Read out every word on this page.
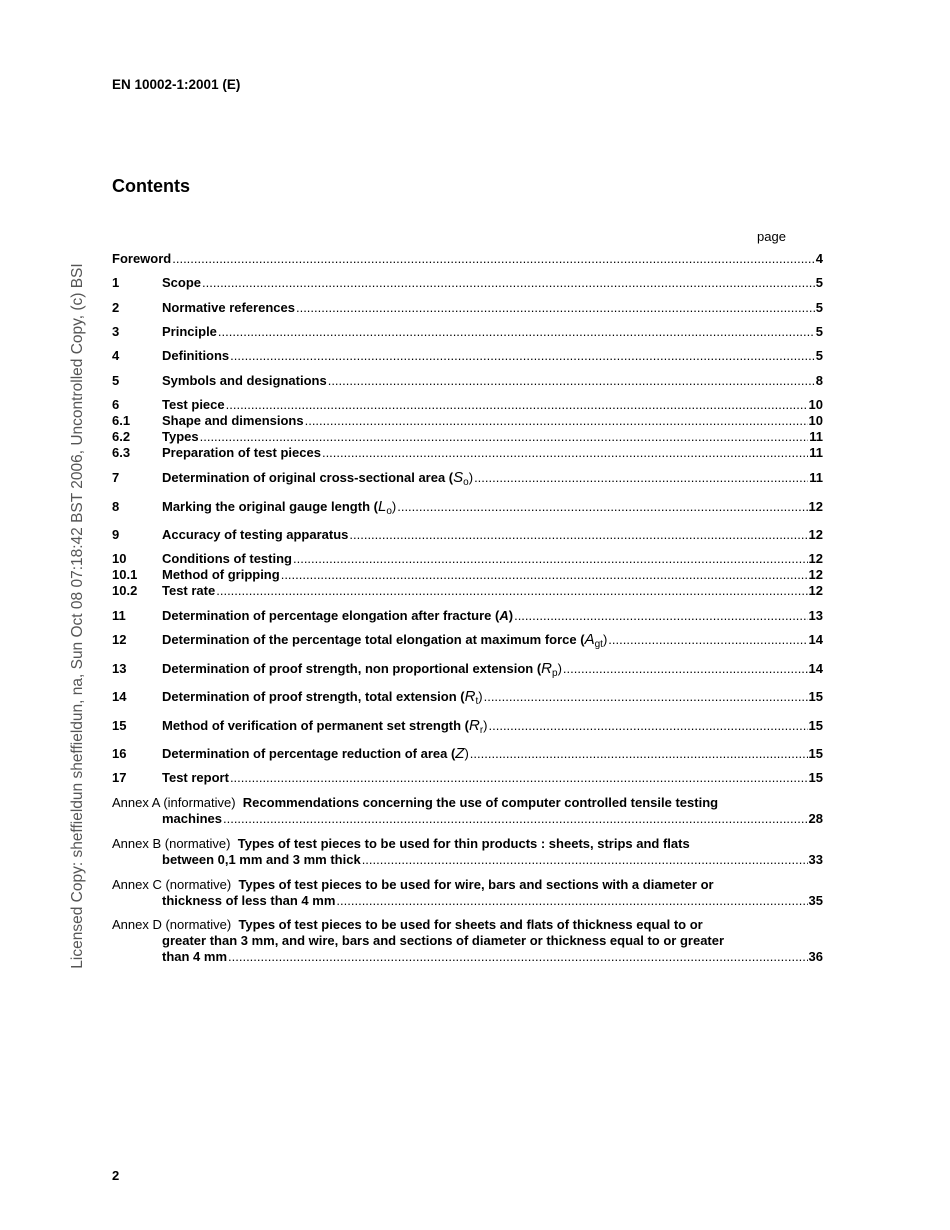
EN 10002-1:2001 (E)
Contents
page
Licensed Copy: sheffieldun sheffieldun, na, Sun Oct 08 07:18:42 BST 2006, Uncontrolled Copy, (c) BSI
Foreword .....	4
1	Scope .....	5
2	Normative references .....	5
3	Principle .....	5
4	Definitions .....	5
5	Symbols and designations .....	8
6	Test piece .....	10
6.1 Shape and dimensions .....	10
6.2 Types .....	11
6.3 Preparation of test pieces .....	11
7	Determination of original cross-sectional area $(S_o)$ .....	11
8	Marking the original gauge length $(L_o)$ .....	12
9	Accuracy of testing apparatus .....	12
10	Conditions of testing .....	12
10.1 Method of gripping .....	12
10.2 Test rate .....	12
11	Determination of percentage elongation after fracture (A) .....	13
12	Determination of the percentage total elongation at maximum force $(A_{gt})$ .....	14
13	Determination of proof strength, non proportional extension $(R_p)$ .....	14
14	Determination of proof strength, total extension $(R_t)$ .....	15
15	Method of verification of permanent set strength $(R_r)$ .....	15
16	Determination of percentage reduction of area (Z) .....	15
17	Test report .....	15
Annex A (informative) Recommendations concerning the use of computer controlled tensile testing
machines .....	28
Annex B (normative) Types of test pieces to be used for thin products : sheets, strips and flats
between 0,1 mm and 3 mm thick .....	33
Annex C (normative) Types of test pieces to be used for wire, bars and sections with a diameter or
thickness of less than 4 mm .....	35
Annex D (normative) Types of test pieces to be used for sheets and flats of thickness equal to or
greater than 3 mm, and wire, bars and sections of diameter or thickness equal to or greater
than 4 mm .....	36
2
